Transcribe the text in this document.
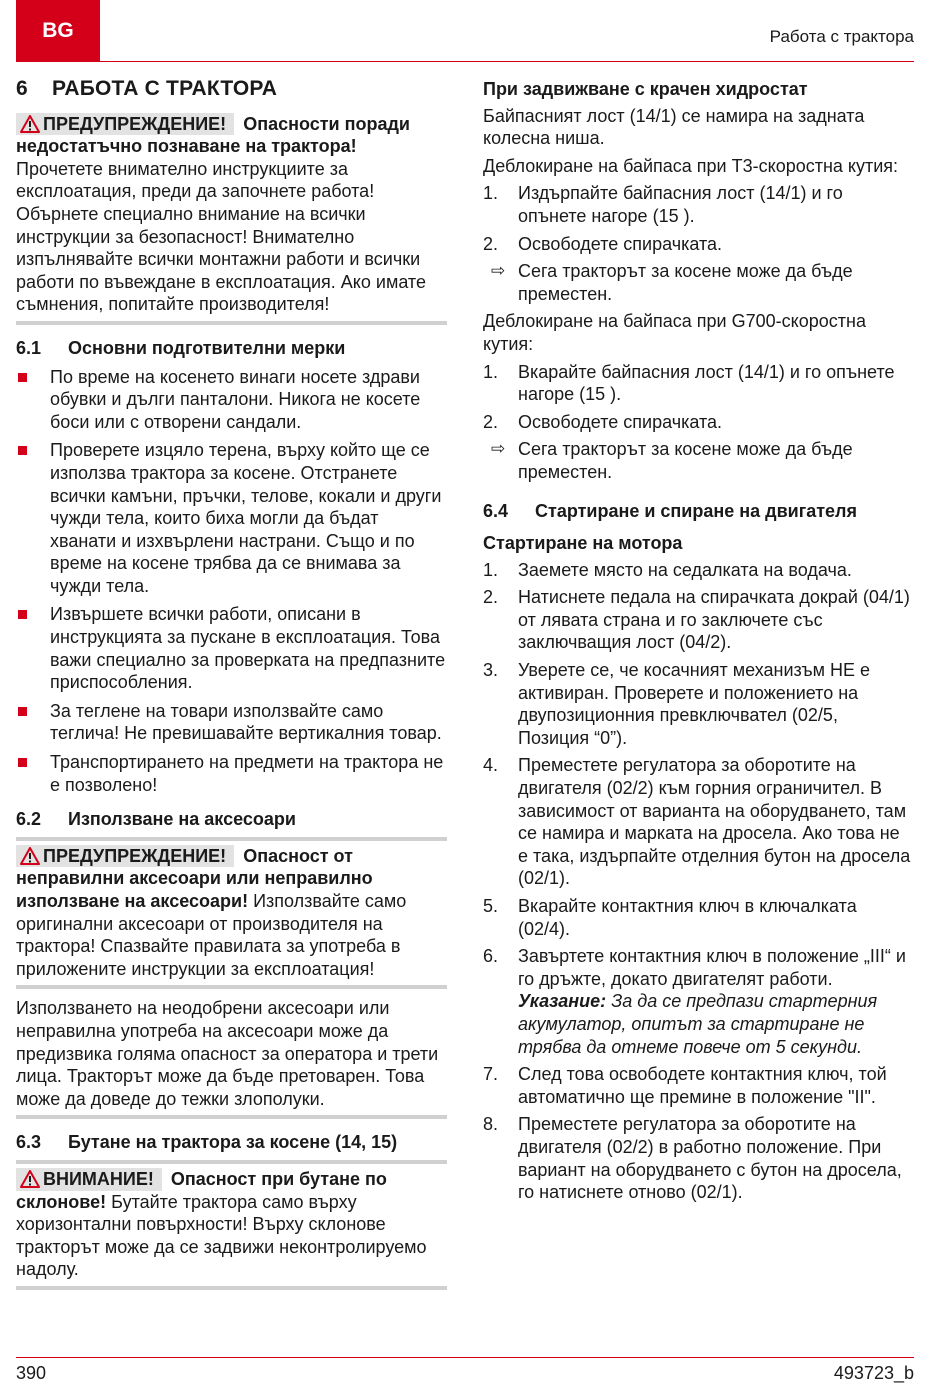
BG	Работа с трактора
6 РАБОТА С ТРАКТОРА
ПРЕДУПРЕЖДЕНИЕ! Опасности поради недостатъчно познаване на трактора! Прочетете внимателно инструкциите за експлоатация, преди да започнете работа! Обърнете специално внимание на всички инструкции за безопасност! Внимателно изпълнявайте всички монтажни работи и всички работи по въвеждане в експлоатация. Ако имате съмнения, попитайте производителя!
6.1 Основни подготвителни мерки
По време на косенето винаги носете здрави обувки и дълги панталони. Никога не косете боси или с отворени сандали.
Проверете изцяло терена, върху който ще се използва трактора за косене. Отстранете всички камъни, пръчки, телове, кокали и други чужди тела, които биха могли да бъдат хванати и изхвърлени настрани. Също и по време на косене трябва да се внимава за чужди тела.
Извършете всички работи, описани в инструкцията за пускане в експлоатация. Това важи специално за проверката на предпазните приспособления.
За теглене на товари използвайте само теглича! Не превишавайте вертикалния товар.
Транспортирането на предмети на трактора не е позволено!
6.2 Използване на аксесоари
ПРЕДУПРЕЖДЕНИЕ! Опасност от неправилни аксесоари или неправилно използване на аксесоари! Използвайте само оригинални аксесоари от производителя на трактора! Спазвайте правилата за употреба в приложените инструкции за експлоатация!
Използването на неодобрени аксесоари или неправилна употреба на аксесоари може да предизвика голяма опасност за оператора и трети лица. Тракторът може да бъде претоварен. Това може да доведе до тежки злополуки.
6.3 Бутане на трактора за косене (14, 15)
ВНИМАНИЕ! Опасност при бутане по склонове! Бутайте трактора само върху хоризонтални повърхности! Върху склонове тракторът може да се задвижи неконтролируемо надолу.
При задвижване с крачен хидростат

Байпасният лост (14/1) се намира на задната колесна ниша.

Деблокиране на байпаса при T3-скоростна кутия:

1. Издърпайте байпасния лост (14/1) и го опънете нагоре (15 ).
2. Освободете спирачката.
⇨ Сега тракторът за косене може да бъде преместен.

Деблокиране на байпаса при G700-скоростна кутия:

1. Вкарайте байпасния лост (14/1) и го опънете нагоре (15 ).
2. Освободете спирачката.
⇨ Сега тракторът за косене може да бъде преместен.
6.4 Стартиране и спиране на двигателя
Стартиране на мотора
1. Заемете място на седалката на водача.
2. Натиснете педала на спирачката докрай (04/1) от лявата страна и го заключете със заключващия лост (04/2).
3. Уверете се, че косачният механизъм НЕ е активиран. Проверете и положението на двупозиционния превключвател (02/5, Позиция “0”).
4. Преместете регулатора за оборотите на двигателя (02/2) към горния ограничител. В зависимост от варианта на оборудването, там се намира и марката на дросела. Ако това не е така, издърпайте отделния бутон на дросела (02/1).
5. Вкарайте контактния ключ в ключалката (02/4).
6. Завъртете контактния ключ в положение „III“ и го дръжте, докато двигателят работи.
Указание: За да се предпази стартерния акумулатор, опитът за стартиране не трябва да отнеме повече от 5 секунди.
7. След това освободете контактния ключ, той автоматично ще премине в положение "II".
8. Преместете регулатора за оборотите на двигателя (02/2) в работно положение. При вариант на оборудването с бутон на дросела, го натиснете отново (02/1).
390	493723_b
